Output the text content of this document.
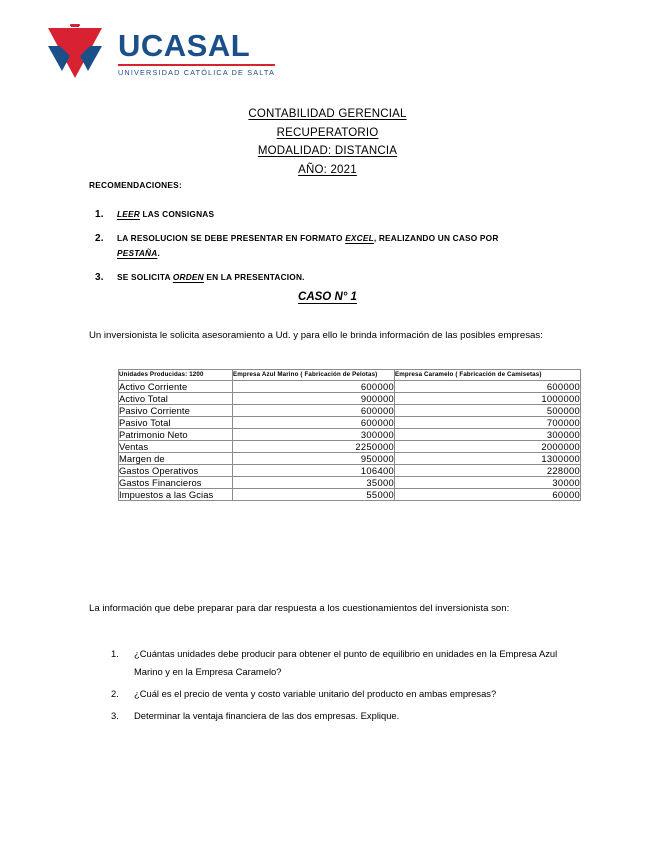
UCASAL
UNIVERSIDAD CATÓLICA DE SALTA
CONTABILIDAD GERENCIAL
RECUPERATORIO
MODALIDAD: DISTANCIA
AÑO: 2021
RECOMENDACIONES:
1. LEER LAS CONSIGNAS
2. LA RESOLUCION SE DEBE PRESENTAR EN FORMATO EXCEL, REALIZANDO UN CASO POR
PESTAÑA.
3. SE SOLICITA ORDEN EN LA PRESENTACION.
CASO N° 1
Un inversionista le solicita asesoramiento a Ud. y para ello le brinda información de las posibles empresas:
Unidades Producidas: 1200	Empresa Azul Marino ( Fabricación de Pelotas)	Empresa Caramelo ( Fabricación de Camisetas)
Activo Corriente	600000	600000
Activo Total	900000	1000000
Pasivo Corriente	600000	500000
Pasivo Total	600000	700000
Patrimonio Neto	300000	300000
Ventas	2250000	2000000
Margen de	950000	1300000
Gastos Operativos	106400	228000
Gastos Financieros	35000	30000
Impuestos a las Gcias	55000	60000
La información que debe preparar para dar respuesta a los cuestionamientos del inversionista son:
1. ¿Cuántas unidades debe producir para obtener el punto de equilibrio en unidades en la Empresa Azul Marino y en la Empresa Caramelo?
2. ¿Cuál es el precio de venta y costo variable unitario del producto en ambas empresas?
3. Determinar la ventaja financiera de las dos empresas. Explique.
